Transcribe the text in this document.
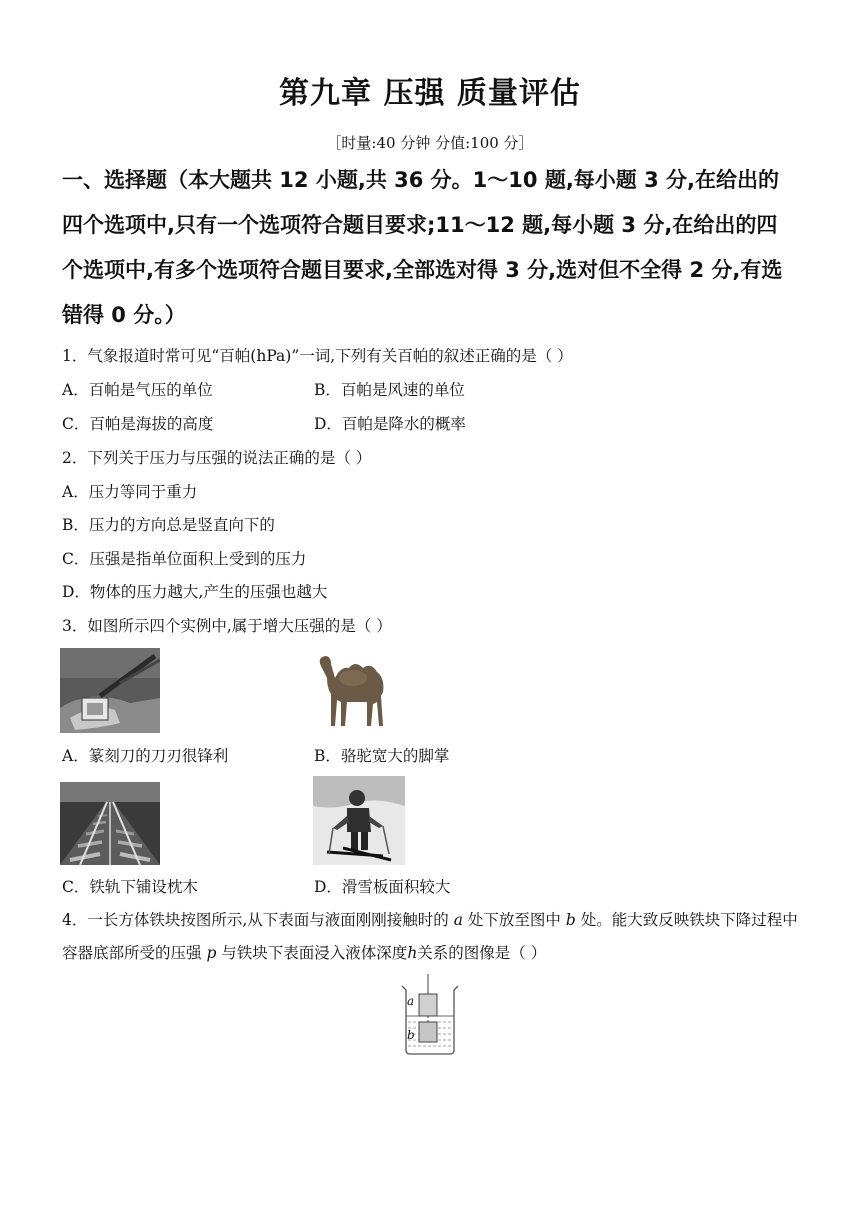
第九章 压强 质量评估
［时量:40 分钟 分值:100 分］
一、选择题（本大题共 12 小题,共 36 分。1～10 题,每小题 3 分,在给出的四个选项中,只有一个选项符合题目要求;11～12 题,每小题 3 分,在给出的四个选项中,有多个选项符合题目要求,全部选对得 3 分,选对但不全得 2 分,有选错得 0 分。）
1．气象报道时常可见“百帕(hPa)”一词,下列有关百帕的叙述正确的是（ ）
A．百帕是气压的单位	B．百帕是风速的单位
C．百帕是海拔的高度	D．百帕是降水的概率
2．下列关于压力与压强的说法正确的是（ ）
A．压力等同于重力
B．压力的方向总是竖直向下的
C．压强是指单位面积上受到的压力
D．物体的压力越大,产生的压强也越大
3．如图所示四个实例中,属于增大压强的是（ ）
A．篆刻刀的刀刃很锋利	B．骆驼宽大的脚掌
C．铁轨下铺设枕木	D．滑雪板面积较大
4．一长方体铁块按图所示,从下表面与液面刚刚接触时的 a 处下放至图中 b 处。能大致反映铁块下降过程中容器底部所受的压强 p 与铁块下表面浸入液体深度h关系的图像是（ ）
a
b
